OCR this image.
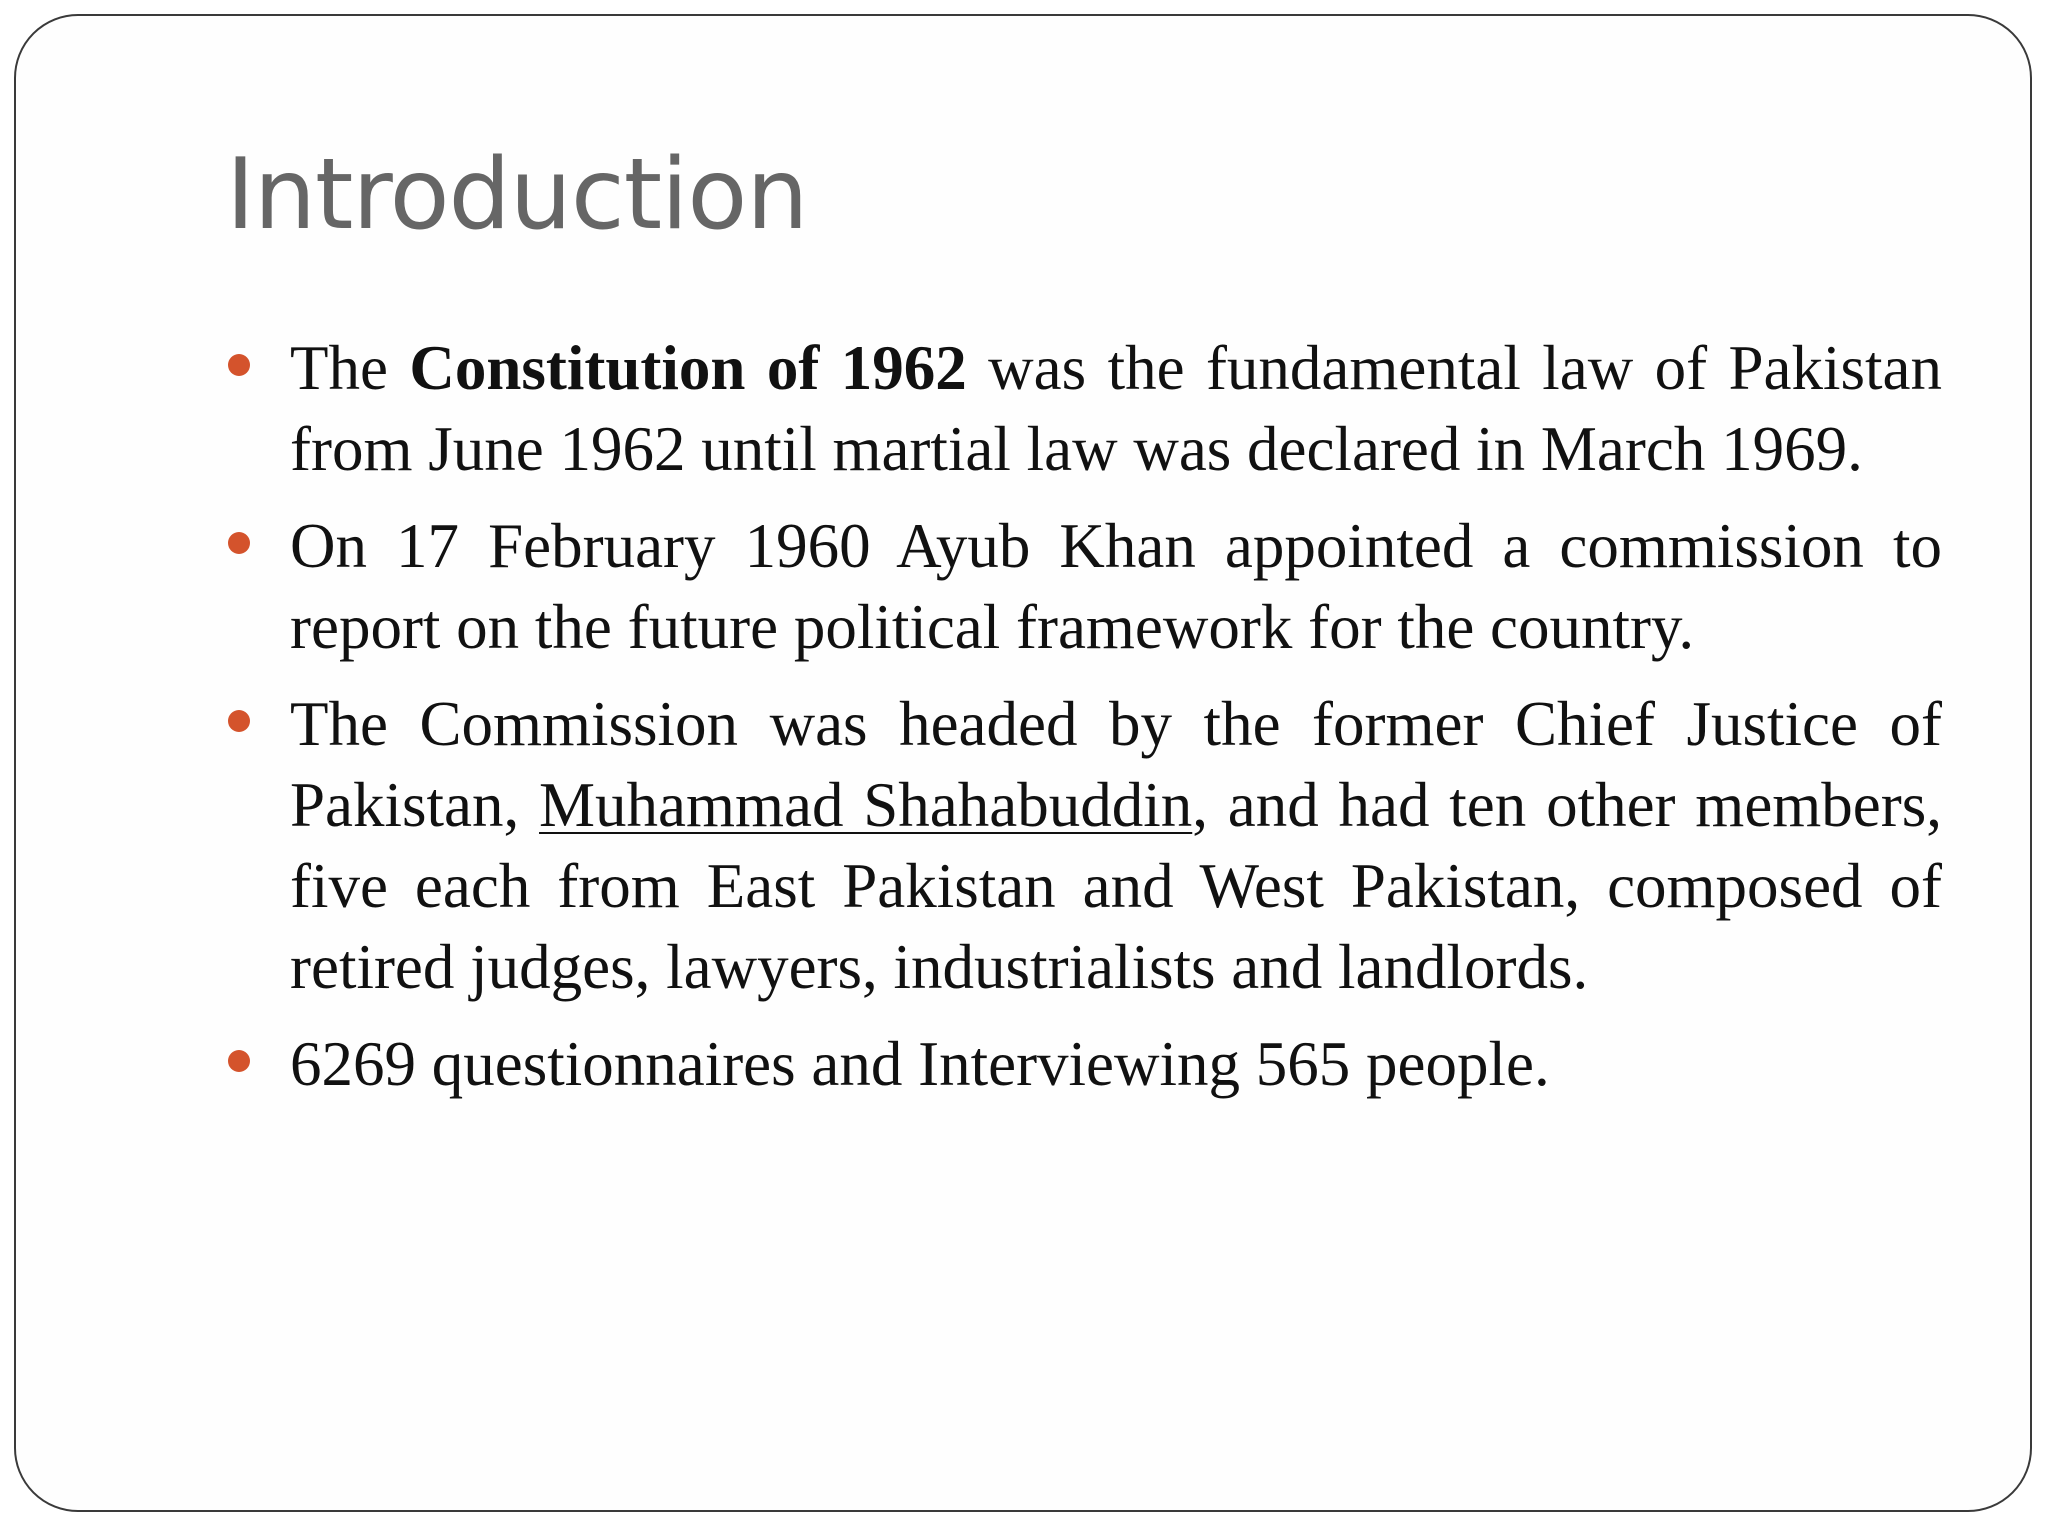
Introduction
The Constitution of 1962 was the fundamental law of Pakistan from June 1962 until martial law was declared in March 1969.
On 17 February 1960 Ayub Khan appointed a commission to report on the future political framework for the country.
The Commission was headed by the former Chief Justice of Pakistan, Muhammad Shahabuddin, and had ten other members, five each from East Pakistan and West Pakistan, composed of retired judges, lawyers, industrialists and landlords.
6269 questionnaires and Interviewing 565 people.
